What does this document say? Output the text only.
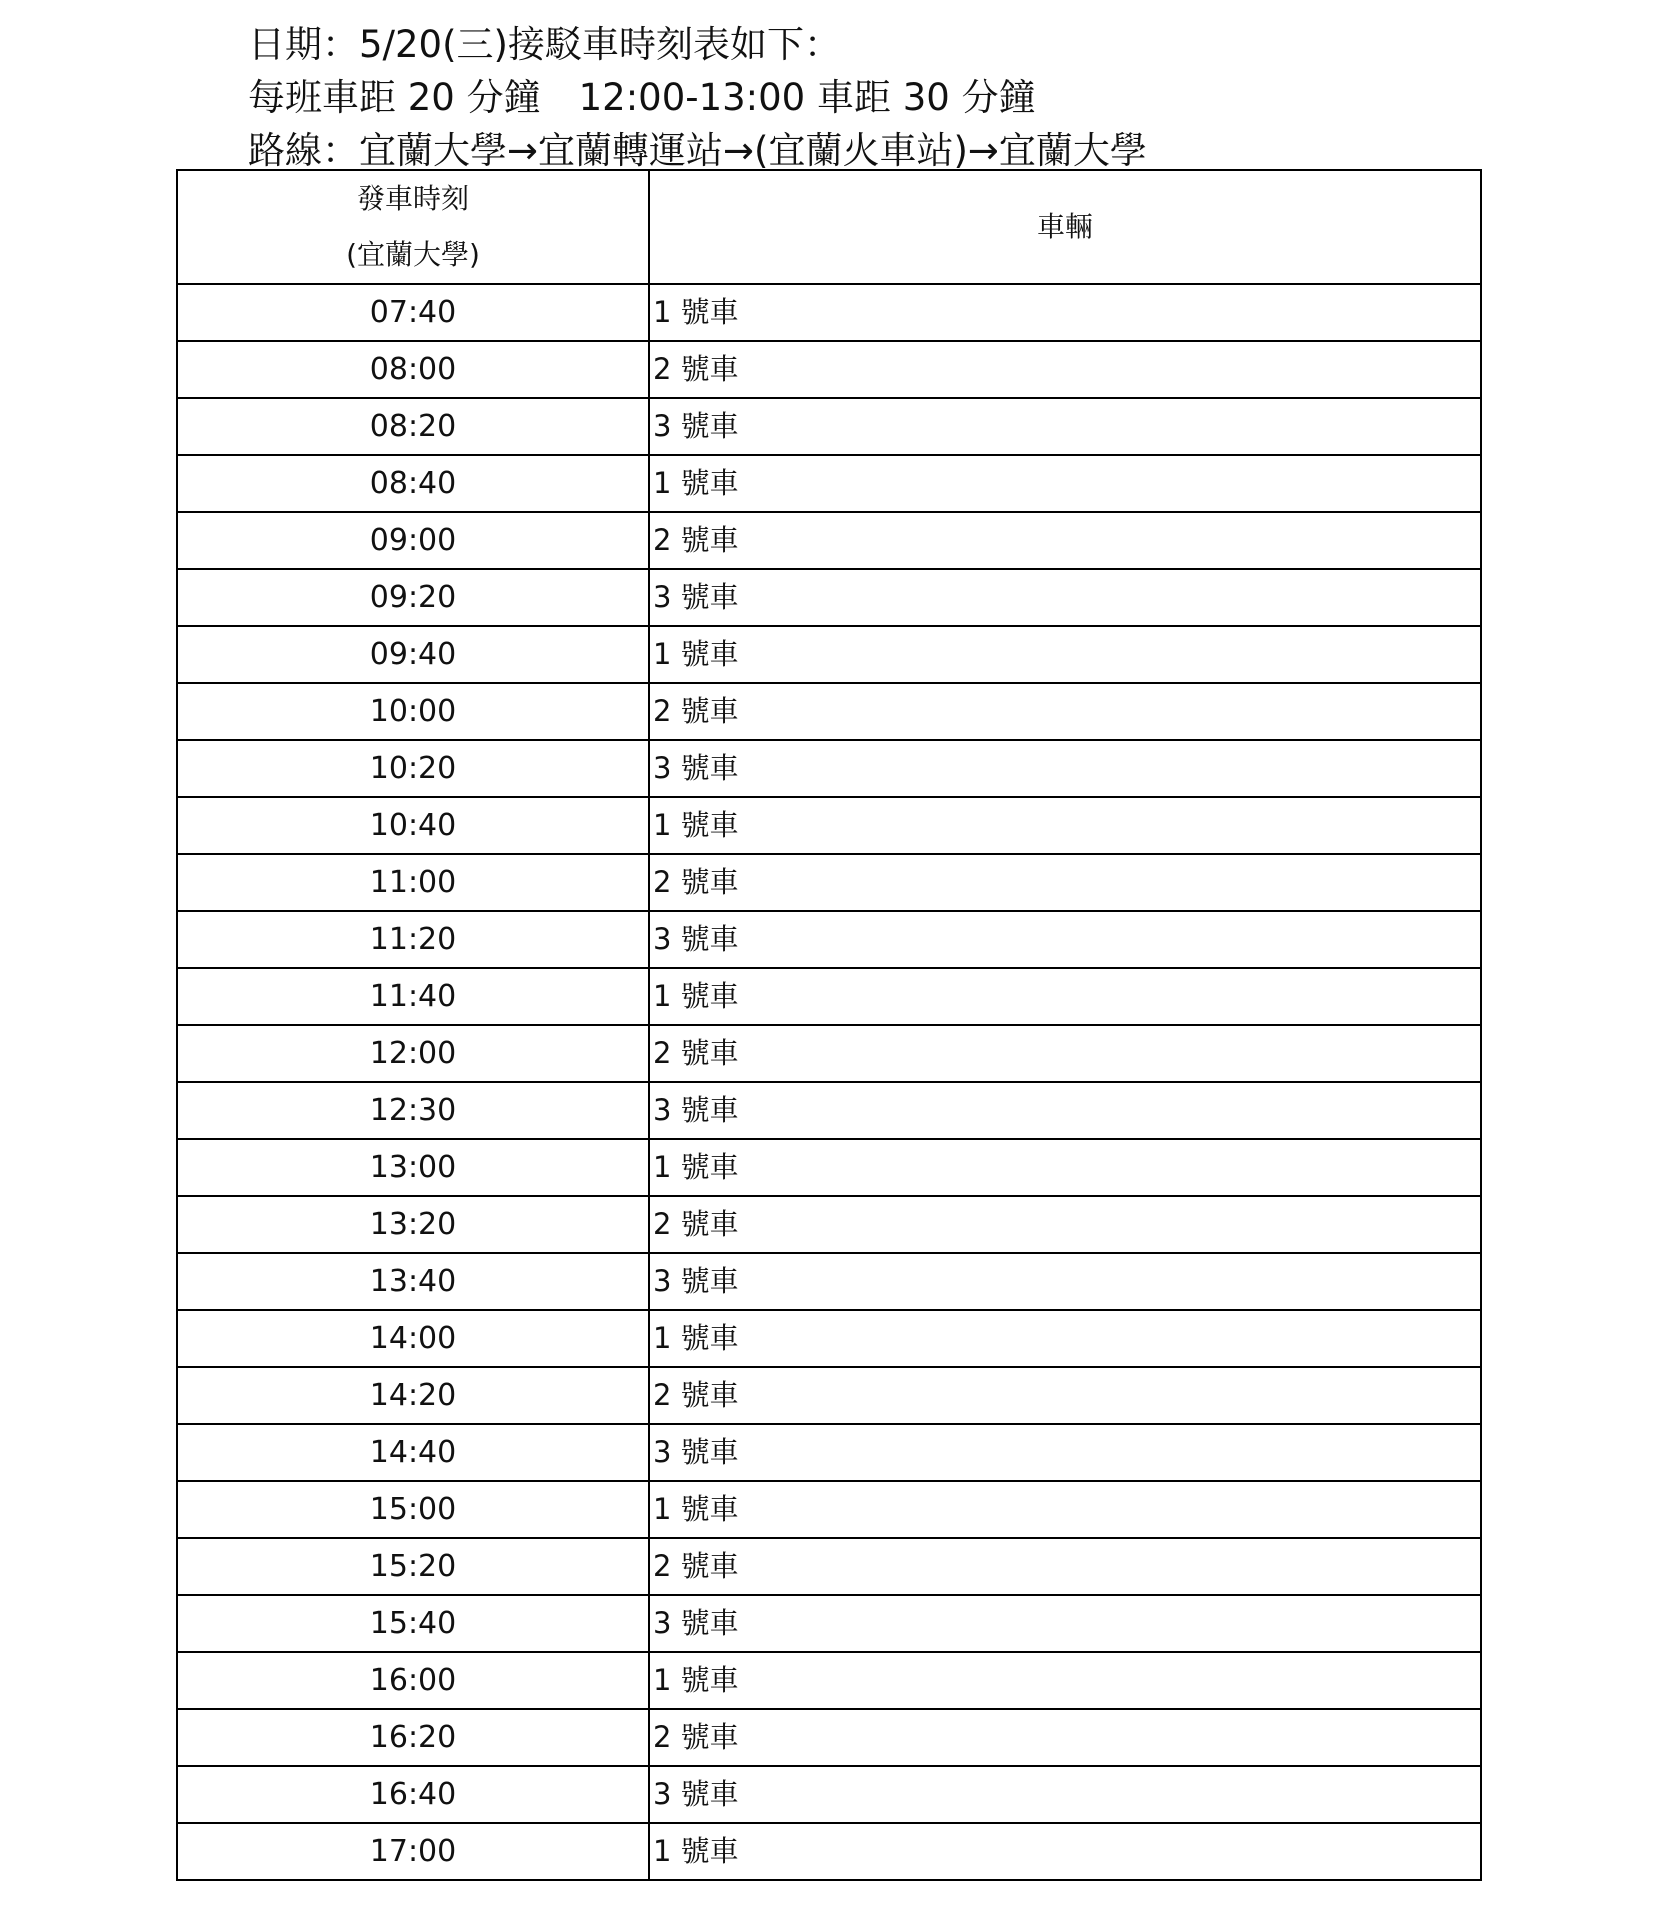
日期：5/20(三)接駁車時刻表如下：
每班車距 20 分鐘 12:00-13:00 車距 30 分鐘
路線：宜蘭大學→宜蘭轉運站→(宜蘭火車站)→宜蘭大學
發車時刻
(宜蘭大學)	車輛
07:40	1 號車
08:00	2 號車
08:20	3 號車
08:40	1 號車
09:00	2 號車
09:20	3 號車
09:40	1 號車
10:00	2 號車
10:20	3 號車
10:40	1 號車
11:00	2 號車
11:20	3 號車
11:40	1 號車
12:00	2 號車
12:30	3 號車
13:00	1 號車
13:20	2 號車
13:40	3 號車
14:00	1 號車
14:20	2 號車
14:40	3 號車
15:00	1 號車
15:20	2 號車
15:40	3 號車
16:00	1 號車
16:20	2 號車
16:40	3 號車
17:00	1 號車
